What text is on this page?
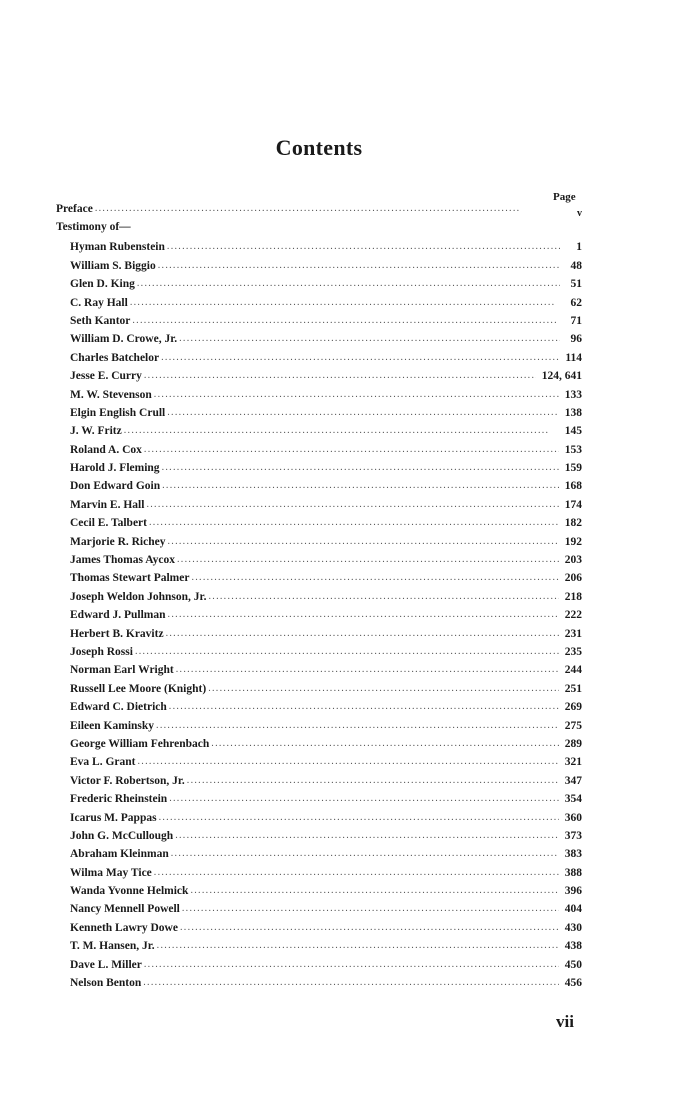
Contents
Page
Preface . . .	v
Testimony of—
Hyman Rubenstein . . .	1
William S. Biggio . . .	48
Glen D. King . . .	51
C. Ray Hall . . .	62
Seth Kantor . . .	71
William D. Crowe, Jr. . . .	96
Charles Batchelor . . .	114
Jesse E. Curry . . .	124, 641
M. W. Stevenson . . .	133
Elgin English Crull . . .	138
J. W. Fritz . . .	145
Roland A. Cox . . .	153
Harold J. Fleming . . .	159
Don Edward Goin . . .	168
Marvin E. Hall . . .	174
Cecil E. Talbert . . .	182
Marjorie R. Richey . . .	192
James Thomas Aycox . . .	203
Thomas Stewart Palmer . . .	206
Joseph Weldon Johnson, Jr. . . .	218
Edward J. Pullman . . .	222
Herbert B. Kravitz . . .	231
Joseph Rossi . . .	235
Norman Earl Wright . . .	244
Russell Lee Moore (Knight) . . .	251
Edward C. Dietrich . . .	269
Eileen Kaminsky . . .	275
George William Fehrenbach . . .	289
Eva L. Grant . . .	321
Victor F. Robertson, Jr. . . .	347
Frederic Rheinstein . . .	354
Icarus M. Pappas . . .	360
John G. McCullough . . .	373
Abraham Kleinman . . .	383
Wilma May Tice . . .	388
Wanda Yvonne Helmick . . .	396
Nancy Mennell Powell . . .	404
Kenneth Lawry Dowe . . .	430
T. M. Hansen, Jr. . . .	438
Dave L. Miller . . .	450
Nelson Benton . . .	456
vii
